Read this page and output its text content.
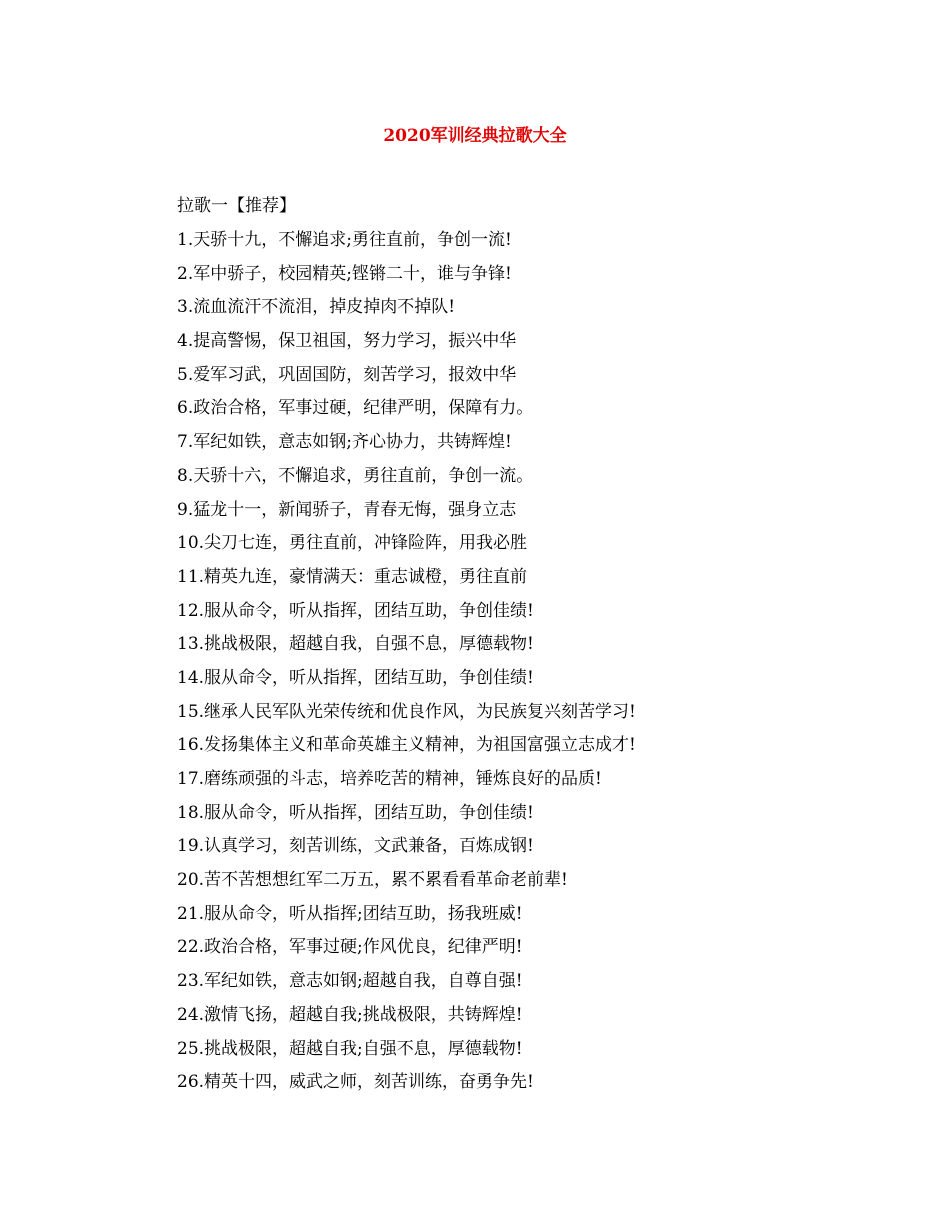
2020军训经典拉歌大全
拉歌一【推荐】
1.天骄十九，不懈追求;勇往直前，争创一流!
2.军中骄子，校园精英;铿锵二十，谁与争锋!
3.流血流汗不流泪，掉皮掉肉不掉队!
4.提高警惕，保卫祖国，努力学习，振兴中华
5.爱军习武，巩固国防，刻苦学习，报效中华
6.政治合格，军事过硬，纪律严明，保障有力。
7.军纪如铁，意志如钢;齐心协力，共铸辉煌!
8.天骄十六，不懈追求，勇往直前，争创一流。
9.猛龙十一，新闻骄子，青春无悔，强身立志
10.尖刀七连，勇往直前，冲锋险阵，用我必胜
11.精英九连，豪情满天：重志诚橙，勇往直前
12.服从命令，听从指挥，团结互助，争创佳绩!
13.挑战极限，超越自我，自强不息，厚德载物!
14.服从命令，听从指挥，团结互助，争创佳绩!
15.继承人民军队光荣传统和优良作风，为民族复兴刻苦学习!
16.发扬集体主义和革命英雄主义精神，为祖国富强立志成才!
17.磨练顽强的斗志，培养吃苦的精神，锤炼良好的品质!
18.服从命令，听从指挥，团结互助，争创佳绩!
19.认真学习，刻苦训练，文武兼备，百炼成钢!
20.苦不苦想想红军二万五，累不累看看革命老前辈!
21.服从命令，听从指挥;团结互助，扬我班威!
22.政治合格，军事过硬;作风优良，纪律严明!
23.军纪如铁，意志如钢;超越自我，自尊自强!
24.激情飞扬，超越自我;挑战极限，共铸辉煌!
25.挑战极限，超越自我;自强不息，厚德载物!
26.精英十四，威武之师，刻苦训练，奋勇争先!
